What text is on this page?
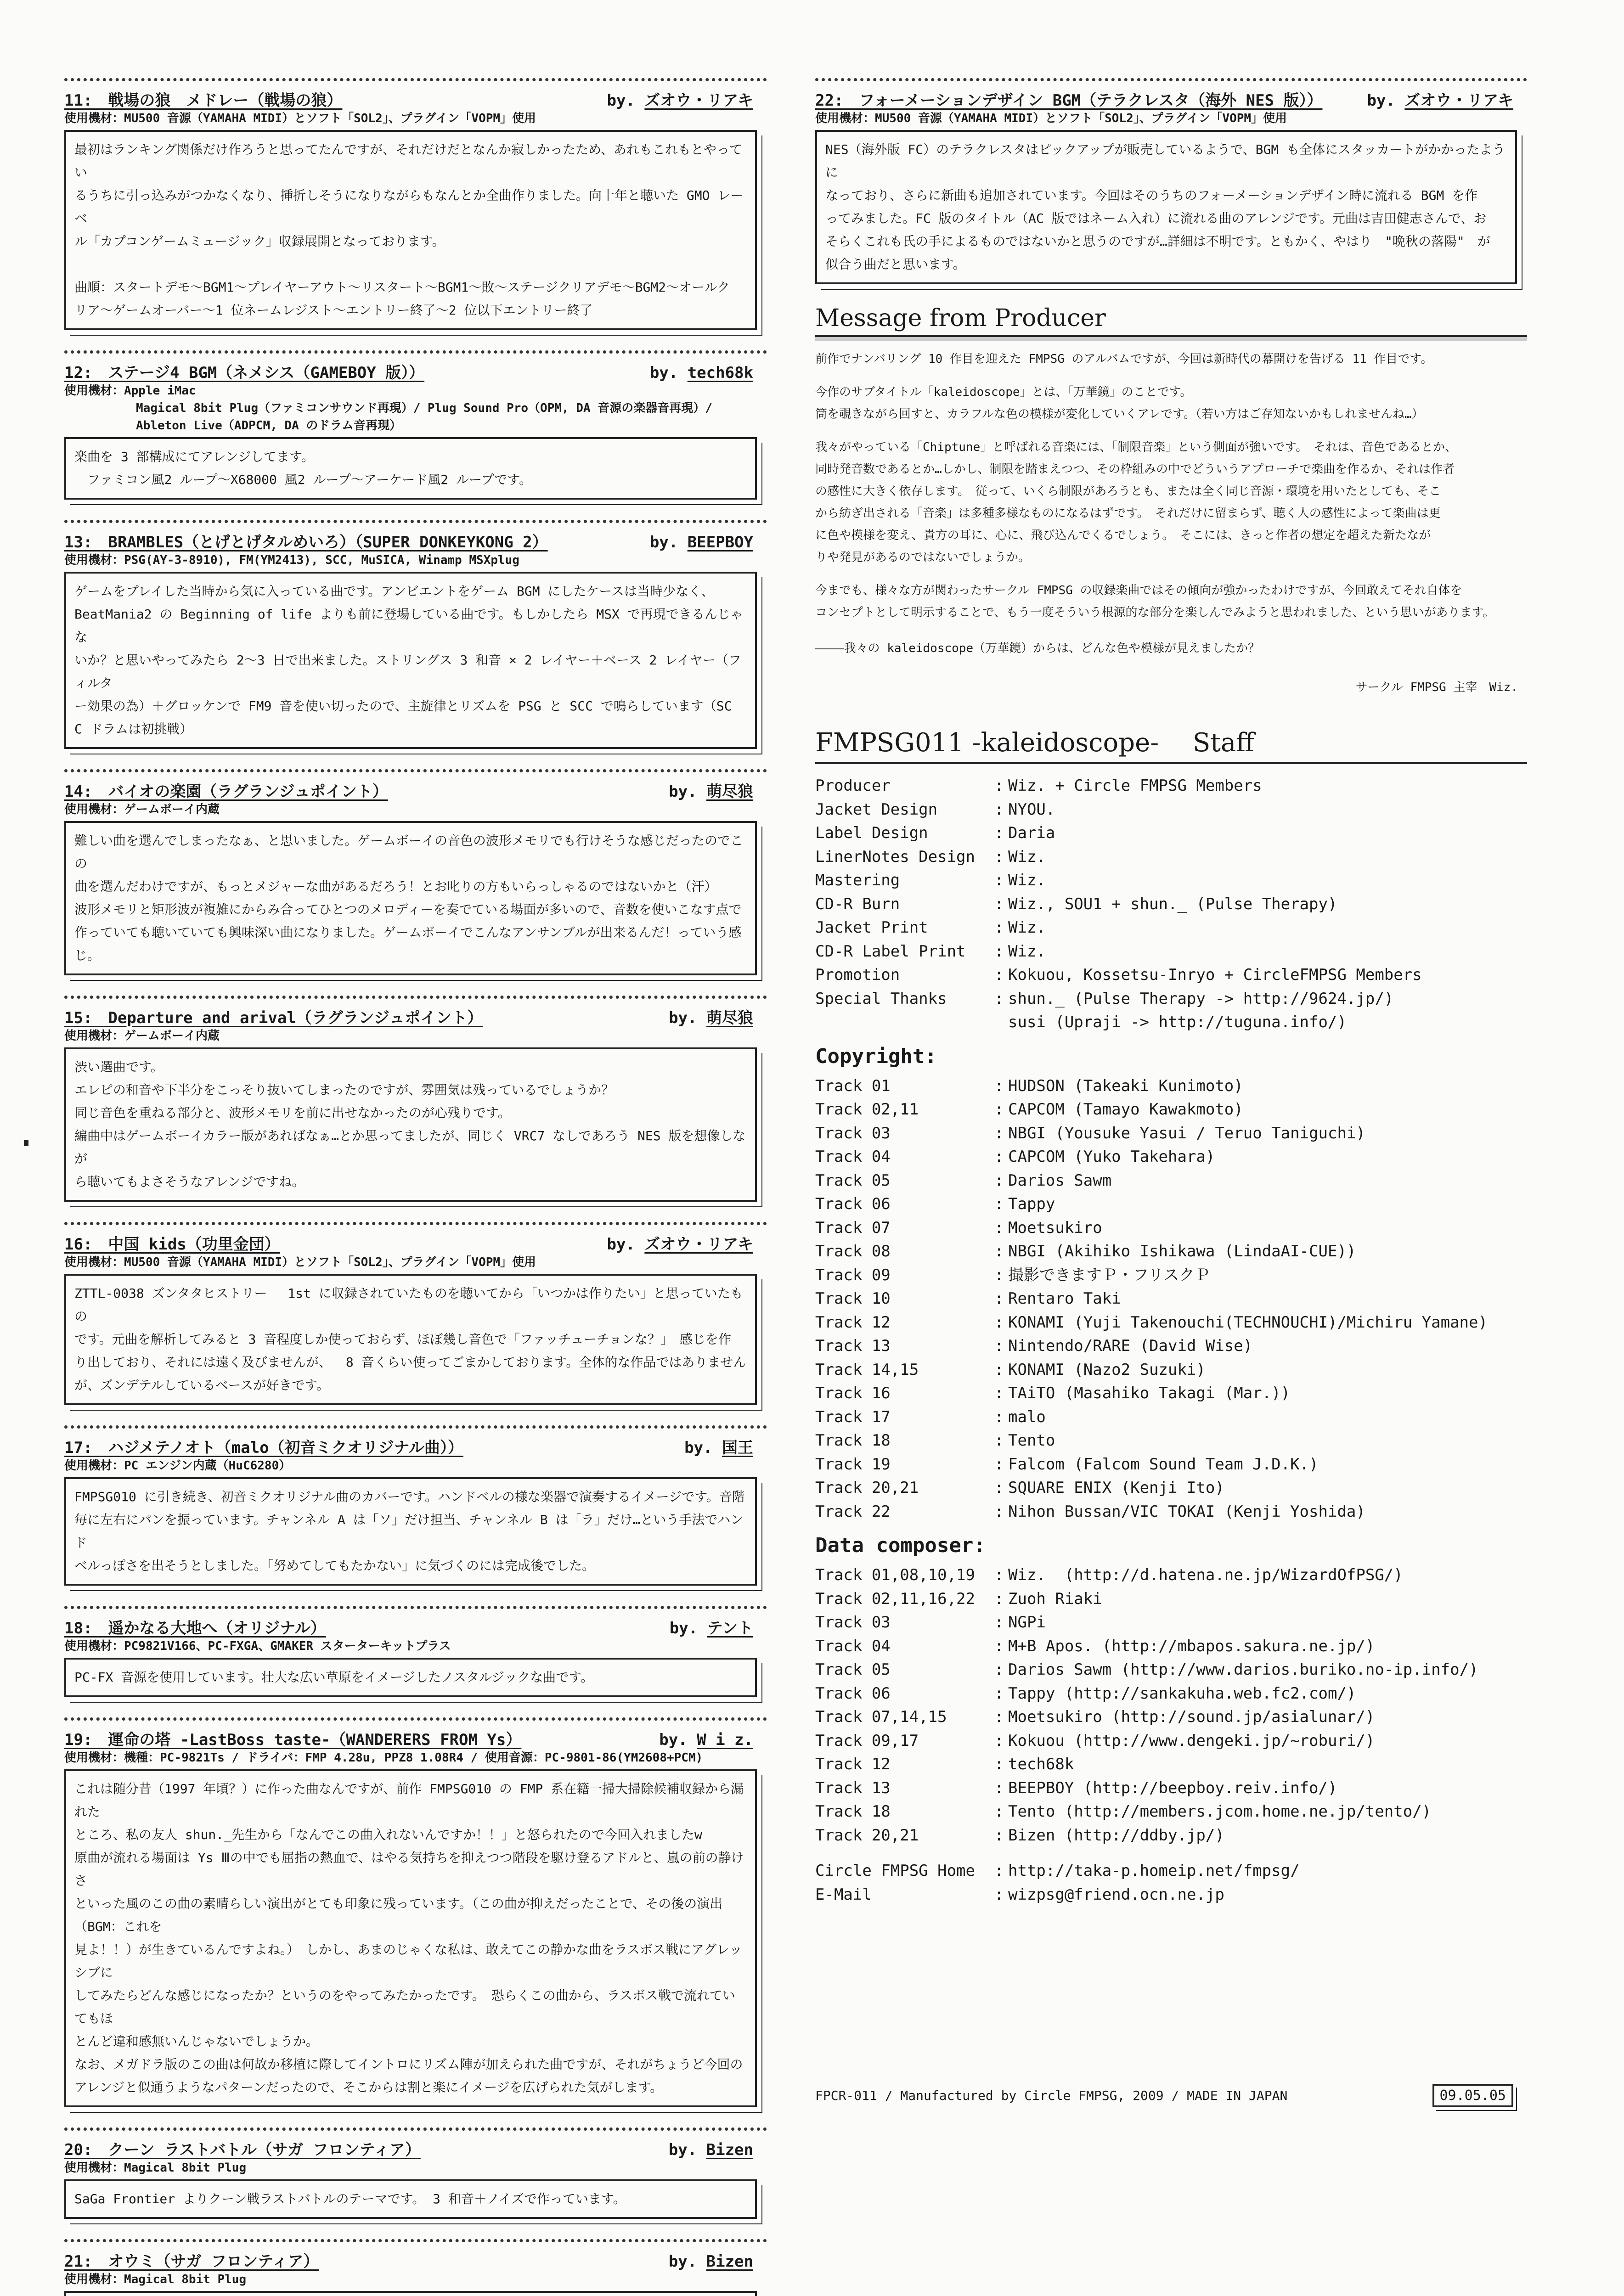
11:　戦場の狼　メドレー（戦場の狼）	by. ズオウ・リアキ
使用機材：MU500 音源（YAMAHA MIDI）とソフト「SOL2」、プラグイン「VOPM」使用
最初はランキング関係だけ作ろうと思ってたんですが、それだけだとなんか寂しかったため、あれもこれもとやってい
るうちに引っ込みがつかなくなり、挿折しそうになりながらもなんとか全曲作りました。向十年と聴いた GMO レーベ
ル「カプコンゲームミュージック」収録展開となっております。

曲順：スタートデモ〜BGM1〜プレイヤーアウト〜リスタート〜BGM1〜敗〜ステージクリアデモ〜BGM2〜オールク
リア〜ゲームオーバー〜1 位ネームレジスト〜エントリー終了〜2 位以下エントリー終了
12:　ステージ4 BGM（ネメシス（GAMEBOY 版））	by. tech68k
使用機材：Apple iMac
　　　　　　Magical 8bit Plug（ファミコンサウンド再現）/ Plug Sound Pro（OPM, DA 音源の楽器音再現）/
　　　　　　Ableton Live（ADPCM, DA のドラム音再現）
楽曲を 3 部構成にてアレンジしてます。
　ファミコン風2 ループ〜X68000 風2 ループ〜アーケード風2 ループです。
13:　BRAMBLES（とげとげタルめいろ）（SUPER DONKEYKONG 2）	by. BEEPBOY
使用機材：PSG(AY-3-8910), FM(YM2413), SCC, MuSICA, Winamp MSXplug
ゲームをプレイした当時から気に入っている曲です。アンビエントをゲーム BGM にしたケースは当時少なく、
BeatMania2 の Beginning of life よりも前に登場している曲です。もしかしたら MSX で再現できるんじゃな
いか？と思いやってみたら 2〜3 日で出来ました。ストリングス 3 和音 × 2 レイヤー＋ベース 2 レイヤー（フィルタ
ー効果の為）＋グロッケンで FM9 音を使い切ったので、主旋律とリズムを PSG と SCC で鳴らしています（SC
C ドラムは初挑戦）
14:　バイオの楽園（ラグランジュポイント）	by. 萌尽狼
使用機材：ゲームボーイ内蔵
難しい曲を選んでしまったなぁ、と思いました。ゲームボーイの音色の波形メモリでも行けそうな感じだったのでこの
曲を選んだわけですが、もっとメジャーな曲があるだろう！とお叱りの方もいらっしゃるのではないかと（汗）
波形メモリと矩形波が複雑にからみ合ってひとつのメロディーを奏でている場面が多いので、音数を使いこなす点で
作っていても聴いていても興味深い曲になりました。ゲームボーイでこんなアンサンブルが出来るんだ！っていう感じ。
15:　Departure and arival（ラグランジュポイント）	by. 萌尽狼
使用機材：ゲームボーイ内蔵
渋い選曲です。
エレピの和音や下半分をこっそり抜いてしまったのですが、雰囲気は残っているでしょうか？
同じ音色を重ねる部分と、波形メモリを前に出せなかったのが心残りです。
編曲中はゲームボーイカラー版があればなぁ…とか思ってましたが、同じく VRC7 なしであろう NES 版を想像しなが
ら聴いてもよさそうなアレンジですね。
16:　中国 kids（功里金団）	by. ズオウ・リアキ
使用機材：MU500 音源（YAMAHA MIDI）とソフト「SOL2」、プラグイン「VOPM」使用
ZTTL-0038 ズンタタヒストリー　 1st に収録されていたものを聴いてから「いつかは作りたい」と思っていたもの
です。元曲を解析してみると 3 音程度しか使っておらず、ほぼ幾し音色で「ファッチューチョンな？」　感じを作
り出しており、それには遠く及びませんが、　 8 音くらい使ってごまかしております。全体的な作品ではありません
が、ズンデテルしているベースが好きです。
17:　ハジメテノオト（malo（初音ミクオリジナル曲））	by. 国王
使用機材：PC エンジン内蔵（HuC6280）
FMPSG010 に引き続き、初音ミクオリジナル曲のカバーです。ハンドベルの様な楽器で演奏するイメージです。音階
毎に左右にパンを振っています。チャンネル A は「ソ」だけ担当、チャンネル B は「ラ」だけ…という手法でハンド
ベルっぽさを出そうとしました。「努めてしてもたかない」に気づくのには完成後でした。
18:　遥かなる大地へ（オリジナル）	by. テント
使用機材：PC9821V166、PC-FXGA、GMAKER スターターキットプラス
PC-FX 音源を使用しています。壮大な広い草原をイメージしたノスタルジックな曲です。
19:　運命の塔 -LastBoss taste-（WANDERERS FROM Ys）	by. W i z.
使用機材：機種：PC-9821Ts / ドライバ：FMP 4.28u, PPZ8 1.08R4 / 使用音源：PC-9801-86(YM2608+PCM)
これは随分昔（1997 年頃？）に作った曲なんですが、前作 FMPSG010 の FMP 系在籍一掃大掃除候補収録から漏れた
ところ、私の友人 shun._先生から「なんでこの曲入れないんですか！！」と怒られたので今回入れましたw
原曲が流れる場面は Ys Ⅲの中でも屈指の熱血で、はやる気持ちを抑えつつ階段を駆け登るアドルと、嵐の前の静けさ
といった風のこの曲の素晴らしい演出がとても印象に残っています。（この曲が抑えだったことで、その後の演出（BGM：これを
見よ！！）が生きているんですよね。）　しかし、あまのじゃくな私は、敢えてこの静かな曲をラスボス戦にアグレッシブに
してみたらどんな感じになったか？というのをやってみたかったです。　恐らくこの曲から、ラスボス戦で流れていてもほ
とんど違和感無いんじゃないでしょうか。
なお、メガドラ版のこの曲は何故か移植に際してイントロにリズム陣が加えられた曲ですが、それがちょうど今回の
アレンジと似通うようなパターンだったので、そこからは割と楽にイメージを広げられた気がします。
20:　クーン ラストバトル（サガ フロンティア）	by. Bizen
使用機材：Magical 8bit Plug
SaGa Frontier よりクーン戦ラストバトルのテーマです。 3 和音＋ノイズで作っています。
21:　オウミ（サガ フロンティア）	by. Bizen
使用機材：Magical 8bit Plug
22:　フォーメーションデザイン BGM（テラクレスタ（海外 NES 版））	by. ズオウ・リアキ
使用機材：MU500 音源（YAMAHA MIDI）とソフト「SOL2」、プラグイン「VOPM」使用
NES（海外版 FC）のテラクレスタはピックアップが販売しているようで、BGM も全体にスタッカートがかかったように
なっており、さらに新曲も追加されています。今回はそのうちのフォーメーションデザイン時に流れる BGM を作
ってみました。FC 版のタイトル（AC 版ではネーム入れ）に流れる曲のアレンジです。元曲は吉田健志さんで、お
そらくこれも氏の手によるものではないかと思うのですが…詳細は不明です。ともかく、やはり　"晩秋の落陽"　が
似合う曲だと思います。
Message from Producer
前作でナンバリング 10 作目を迎えた FMPSG のアルバムですが、今回は新時代の幕開けを告げる 11 作目です。
今作のサブタイトル「kaleidoscope」とは、「万華鏡」のことです。
筒を覗きながら回すと、カラフルな色の模様が変化していくアレです。（若い方はご存知ないかもしれませんね…）
我々がやっている「Chiptune」と呼ばれる音楽には、「制限音楽」という側面が強いです。　それは、音色であるとか、
同時発音数であるとか…しかし、制限を踏まえつつ、その枠組みの中でどういうアプローチで楽曲を作るか、それは作者
の感性に大きく依存します。　従って、いくら制限があろうとも、または全く同じ音源・環境を用いたとしても、そこ
から紡ぎ出される「音楽」は多種多様なものになるはずです。　それだけに留まらず、聴く人の感性によって楽曲は更
に色や模様を変え、貴方の耳に、心に、飛び込んでくるでしょう。　そこには、きっと作者の想定を超えた新たなが
りや発見があるのではないでしょうか。
今までも、様々な方が関わったサークル FMPSG の収録楽曲ではその傾向が強かったわけですが、今回敢えてそれ自体を
コンセプトとして明示することで、もう一度そういう根源的な部分を楽しんでみようと思われました、という思いがあります。
――――我々の kaleidoscope（万華鏡）からは、どんな色や模様が見えましたか？
サークル FMPSG 主宰　Wiz.
FMPSG011 -kaleidoscope-　 Staff
Producer	: Wiz. + Circle FMPSG Members
Jacket Design	: NYOU.
Label Design	: Daria
LinerNotes Design	: Wiz.
Mastering	: Wiz.
CD-R Burn	: Wiz., SOU1 + shun._ (Pulse Therapy)
Jacket Print	: Wiz.
CD-R Label Print	: Wiz.
Promotion	: Kokuou, Kossetsu-Inryo + CircleFMPSG Members
Special Thanks	: shun._ (Pulse Therapy -> http://9624.jp/)
susi (Upraji -> http://tuguna.info/)
Copyright:
Track 01	: HUDSON (Takeaki Kunimoto)
Track 02,11	: CAPCOM (Tamayo Kawakmoto)
Track 03	: NBGI (Yousuke Yasui / Teruo Taniguchi)
Track 04	: CAPCOM (Yuko Takehara)
Track 05	: Darios Sawm
Track 06	: Tappy
Track 07	: Moetsukiro
Track 08	: NBGI (Akihiko Ishikawa (LindaAI-CUE))
Track 09	: 撮影できますＰ・フリスクＰ
Track 10	: Rentaro Taki
Track 12	: KONAMI (Yuji Takenouchi(TECHNOUCHI)/Michiru Yamane)
Track 13	: Nintendo/RARE (David Wise)
Track 14,15	: KONAMI (Nazo2 Suzuki)
Track 16	: TAiTO (Masahiko Takagi (Mar.))
Track 17	: malo
Track 18	: Tento
Track 19	: Falcom (Falcom Sound Team J.D.K.)
Track 20,21	: SQUARE ENIX (Kenji Ito)
Track 22	: Nihon Bussan/VIC TOKAI (Kenji Yoshida)
Data composer:
Track 01,08,10,19	: Wiz.  (http://d.hatena.ne.jp/WizardOfPSG/)
Track 02,11,16,22	: Zuoh Riaki
Track 03	: NGPi
Track 04	: M+B Apos. (http://mbapos.sakura.ne.jp/)
Track 05	: Darios Sawm (http://www.darios.buriko.no-ip.info/)
Track 06	: Tappy (http://sankakuha.web.fc2.com/)
Track 07,14,15	: Moetsukiro (http://sound.jp/asialunar/)
Track 09,17	: Kokuou (http://www.dengeki.jp/~roburi/)
Track 12	: tech68k
Track 13	: BEEPBOY (http://beepboy.reiv.info/)
Track 18	: Tento (http://members.jcom.home.ne.jp/tento/)
Track 20,21	: Bizen (http://ddby.jp/)
Circle FMPSG Home	: http://taka-p.homeip.net/fmpsg/
E-Mail	: wizpsg@friend.ocn.ne.jp
FPCR-011 / Manufactured by Circle FMPSG, 2009 / MADE IN JAPAN	09.05.05
